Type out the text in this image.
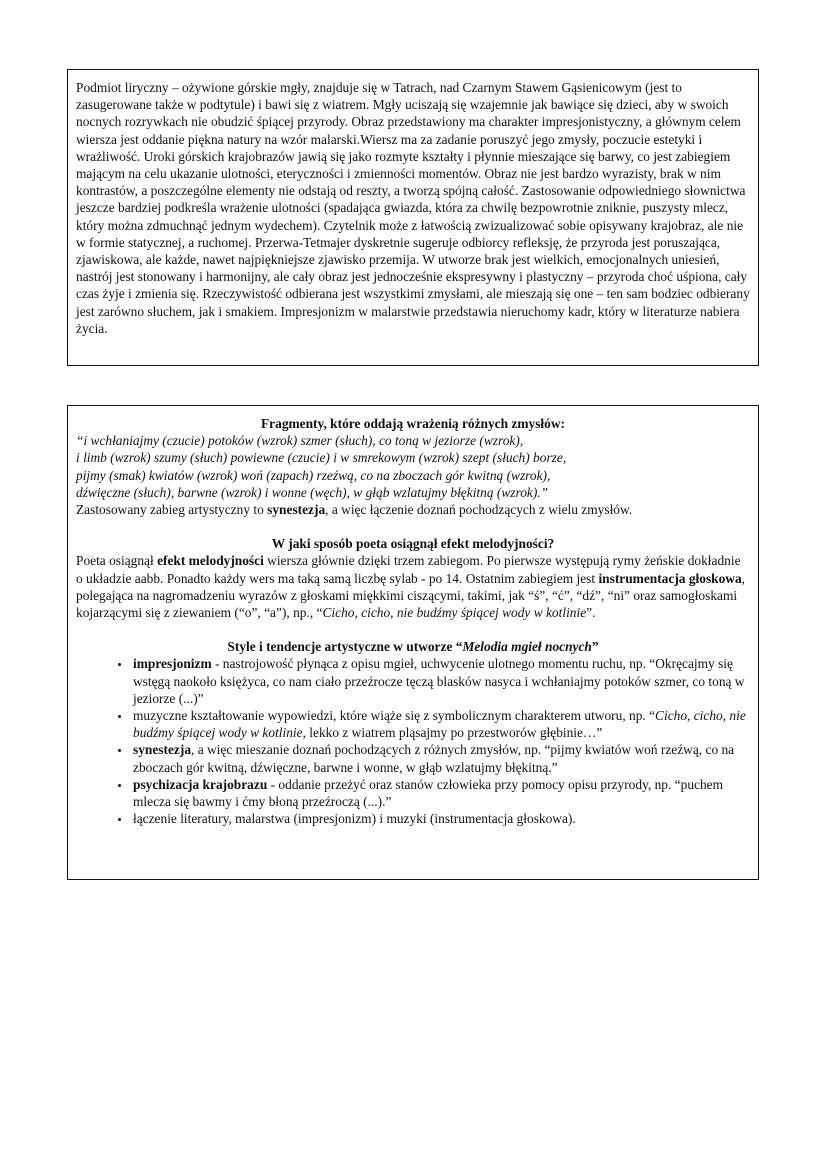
Podmiot liryczny – ożywione górskie mgły, znajduje się w Tatrach, nad Czarnym Stawem Gąsienicowym (jest to zasugerowane także w podtytule) i bawi się z wiatrem. Mgły uciszają się wzajemnie jak bawiące się dzieci, aby w swoich nocnych rozrywkach nie obudzić śpiącej przyrody. Obraz przedstawiony ma charakter impresjonistyczny, a głównym celem wiersza jest oddanie piękna natury na wzór malarski.Wiersz ma za zadanie poruszyć jego zmysły, poczucie estetyki i wrażliwość. Uroki górskich krajobrazów jawią się jako rozmyte kształty i płynnie mieszające się barwy, co jest zabiegiem mającym na celu ukazanie ulotności, eteryczności i zmienności momentów. Obraz nie jest bardzo wyrazisty, brak w nim kontrastów, a poszczególne elementy nie odstają od reszty, a tworzą spójną całość. Zastosowanie odpowiedniego słownictwa jeszcze bardziej podkreśla wrażenie ulotności (spadająca gwiazda, która za chwilę bezpowrotnie zniknie, puszysty mlecz, który można zdmuchnąć jednym wydechem). Czytelnik może z łatwością zwizualizować sobie opisywany krajobraz, ale nie w formie statycznej, a ruchomej. Przerwa-Tetmajer dyskretnie sugeruje odbiorcy refleksję, że przyroda jest poruszająca, zjawiskowa, ale każde, nawet najpiękniejsze zjawisko przemija. W utworze brak jest wielkich, emocjonalnych uniesień, nastrój jest stonowany i harmonijny, ale cały obraz jest jednocześnie ekspresywny i plastyczny – przyroda choć uśpiona, cały czas żyje i zmienia się. Rzeczywistość odbierana jest wszystkimi zmysłami, ale mieszają się one – ten sam bodziec odbierany jest zarówno słuchem, jak i smakiem. Impresjonizm w malarstwie przedstawia nieruchomy kadr, który w literaturze nabiera życia.

Fragmenty, które oddają wrażenią różnych zmysłów:

“i wchłaniajmy (czucie) potoków (wzrok) szmer (słuch), co toną w jeziorze (wzrok),

i limb (wzrok) szumy (słuch) powiewne (czucie) i w smrekowym (wzrok) szept (słuch) borze,

pijmy (smak) kwiatów (wzrok) woń (zapach) rzeźwą, co na zboczach gór kwitną (wzrok),

dźwięczne (słuch), barwne (wzrok) i wonne (węch), w głąb wzlatujmy błękitną (wzrok).”

Zastosowany zabieg artystyczny to synestezja, a więc łączenie doznań pochodzących z wielu zmysłów.

W jaki sposób poeta osiągnął efekt melodyjności?

Poeta osiągnął efekt melodyjności wiersza głównie dzięki trzem zabiegom. Po pierwsze występują rymy żeńskie dokładnie o układzie aabb. Ponadto każdy wers ma taką samą liczbę sylab - po 14. Ostatnim zabiegiem jest instrumentacja głoskowa, polegająca na nagromadzeniu wyrazów z głoskami miękkimi ciszącymi, takimi, jak “ś”, “ć”, “dź”, “ni” oraz samogłoskami kojarzącymi się z ziewaniem (“o”, “a”), np., “Cicho, cicho, nie budźmy śpiącej wody w kotlinie”.

Style i tendencje artystyczne w utworze “Melodia mgieł nocnych”

• impresjonizm - nastrojowość płynąca z opisu mgieł, uchwycenie ulotnego momentu ruchu, np. “Okręcajmy się wstęgą naokoło księżyca, co nam ciało przeźrocze tęczą blasków nasyca i wchłaniajmy potoków szmer, co toną w jeziorze (...)”
• muzyczne kształtowanie wypowiedzi, które wiąże się z symbolicznym charakterem utworu, np. “Cicho, cicho, nie budźmy śpiącej wody w kotlinie, lekko z wiatrem pląsajmy po przestworów głębinie…”
• synestezja, a więc mieszanie doznań pochodzących z różnych zmysłów, np. “pijmy kwiatów woń rzeźwą, co na zboczach gór kwitną, dźwięczne, barwne i wonne, w głąb wzlatujmy błękitną.”
• psychizacja krajobrazu - oddanie przeżyć oraz stanów człowieka przy pomocy opisu przyrody, np. “puchem mlecza się bawmy i ćmy błoną przeźroczą (...).”
• łączenie literatury, malarstwa (impresjonizm) i muzyki (instrumentacja głoskowa).
